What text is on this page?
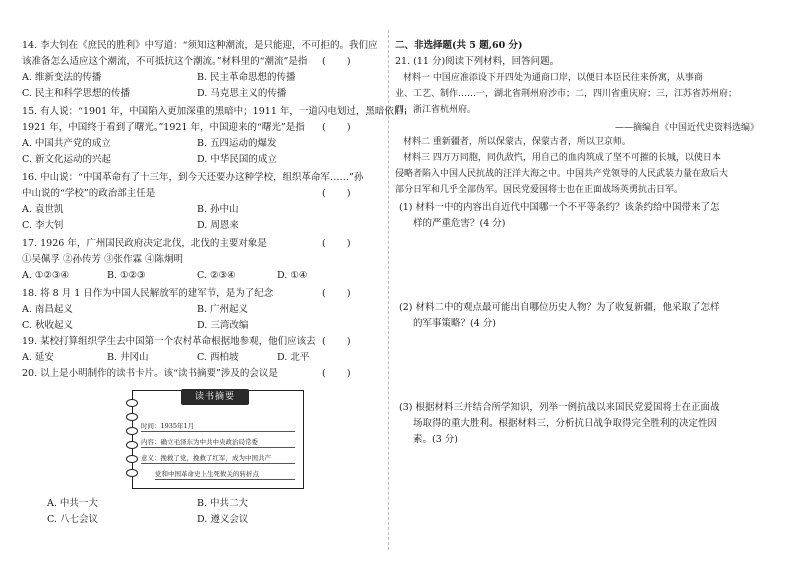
14. 李大钊在《庶民的胜利》中写道：“须知这种潮流，是只能迎，不可拒的。我们应
该准备怎么适应这个潮流，不可抵抗这个潮流。”材料里的“潮流”是指 (       )
A. 维新变法的传播	B. 民主革命思想的传播
C. 民主和科学思想的传播	D. 马克思主义的传播
15. 有人说：“1901 年，中国陷入更加深重的黑暗中；1911 年，一道闪电划过，黑暗依旧；
1921 年，中国终于看到了曙光。”1921 年，中国迎来的“曙光”是指 (       )
A. 中国共产党的成立	B. 五四运动的爆发
C. 新文化运动的兴起	D. 中华民国的成立
16. 中山说：“中国革命有了十三年，到今天还要办这种学校，组织革命军……”孙
中山说的“学校”的政治部主任是	(       )
A. 袁世凯	B. 孙中山
C. 李大钊	D. 周恩来
17. 1926 年，广州国民政府决定北伐，北伐的主要对象是	(       )
①吴佩孚 ②孙传芳 ③张作霖 ④陈炯明
A. ①②③④	B. ①②③	C. ②③④	D. ①④
18. 将 8 月 1 日作为中国人民解放军的建军节，是为了纪念	(       )
A. 南昌起义	B. 广州起义
C. 秋收起义	D. 三湾改编
19. 某校打算组织学生去中国第一个农村革命根据地参观，他们应该去 (       )
A. 延安	B. 井冈山	C. 西柏坡	D. 北平
20. 以上是小明制作的读书卡片。该“读书摘要”涉及的会议是	(       )
读书摘要
时间：1935年1月
内容：确立毛泽东为中共中央政治局常委
意义：挽救了党，挽救了红军，成为中国共产
党和中国革命史上生死攸关的转折点
A. 中共一大	B. 中共二大
C. 八七会议	D. 遵义会议
二、非选择题(共 5 题,60 分)
21. (11 分)阅读下列材料，回答问题。
材料一 中国应准添设下开四处为通商口岸，以便日本臣民往来侨寓，从事商
业、工艺、制作……一，湖北省荆州府沙市；二，四川省重庆府；三，江苏省苏州府；
四，浙江省杭州府。
——摘编自《中国近代史资料选编》
材料二 重新疆者，所以保蒙古，保蒙古者，所以卫京师。
材料三 四万万同胞，同仇敌忾，用自己的血肉筑成了坚不可摧的长城，以使日本
侵略者陷入中国人民抗战的汪洋大海之中。中国共产党领导的人民武装力量在敌后大
部分日军和几乎全部伪军。国民党爱国将士也在正面战场英勇抗击日军。
(1) 材料一中的内容出自近代中国哪一个不平等条约？该条约给中国带来了怎
样的严重危害？(4 分)
(2) 材料二中的观点最可能出自哪位历史人物？为了收复新疆，他采取了怎样
的军事策略？(4 分)
(3) 根据材料三并结合所学知识，列举一例抗战以来国民党爱国将士在正面战
场取得的重大胜利。根据材料三，分析抗日战争取得完全胜利的决定性因
素。(3 分)
